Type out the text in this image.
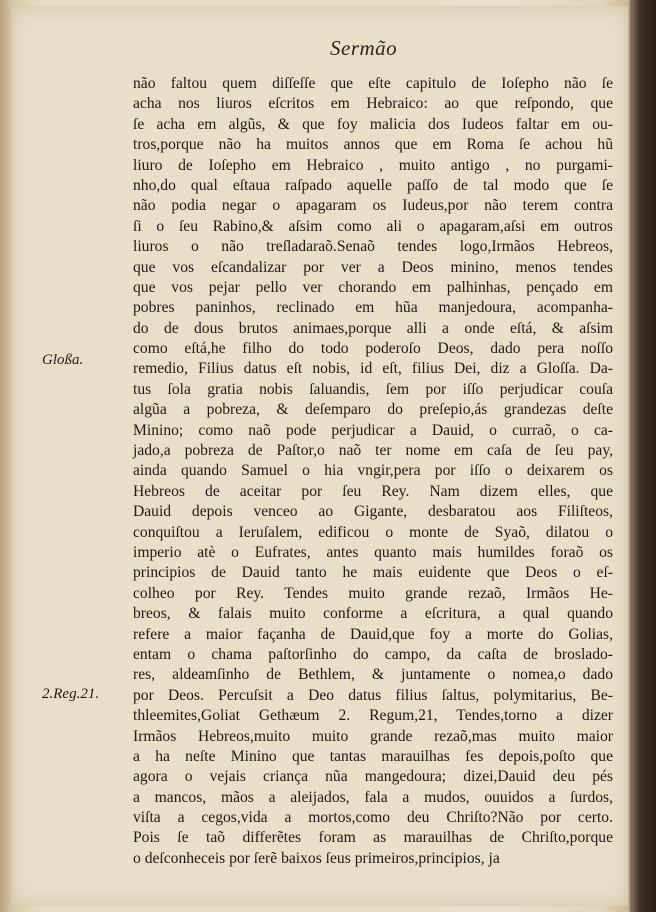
Sermão
Gloßa.
2.Reg.21.
não faltou quem diſſeſſe que eſte capitulo de Ioſepho não ſe
acha nos liuros eſcritos em Hebraico: ao que reſpondo, que
ſe acha em algũs, & que foy malicia dos Iudeos faltar em ou-
tros,porque não ha muitos annos que em Roma ſe achou hũ
liuro de Ioſepho em Hebraico , muito antigo , no purgami-
nho,do qual eſtaua raſpado aquelle paſſo de tal modo que ſe
não podia negar o apagaram os Iudeus,por não terem contra
ſi o ſeu Rabino,& aſsim como ali o apagaram,aſsi em outros
liuros o não treſladaraõ.Senaõ tendes logo,Irmãos Hebreos,
que vos eſcandalizar por ver a Deos minino, menos tendes
que vos pejar pello ver chorando em palhinhas, pençado em
pobres paninhos, reclinado em hũa manjedoura, acompanha-
do de dous brutos animaes,porque alli a onde eſtá, & aſsim
como eſtá,he filho do todo poderoſo Deos, dado pera noſſo
remedio, Filius datus eſt nobis, id eſt, filius Dei, diz a Gloſſa. Da-
tus ſola gratia nobis ſaluandis, ſem por iſſo perjudicar couſa
algũa a pobreza, & deſemparo do preſepio,ás grandezas deſte
Minino; como naõ pode perjudicar a Dauid, o curraõ, o ca-
jado,a pobreza de Paſtor,o naõ ter nome em caſa de ſeu pay,
ainda quando Samuel o hia vngir,pera por iſſo o deixarem os
Hebreos de aceitar por ſeu Rey. Nam dizem elles, que
Dauid depois venceo ao Gigante, desbaratou aos Filiſteos,
conquiſtou a Ieruſalem, edificou o monte de Syaõ, dilatou o
imperio atè o Eufrates, antes quanto mais humildes foraõ os
principios de Dauid tanto he mais euidente que Deos o eſ-
colheo por Rey. Tendes muito grande rezaõ, Irmãos He-
breos, & falais muito conforme a eſcritura, a qual quando
refere a maior façanha de Dauid,que foy a morte do Golias,
entam o chama paſtorſinho do campo, da caſta de broslado-
res, aldeamſinho de Bethlem, & juntamente o nomea,o dado
por Deos. Percuſsit a Deo datus filius ſaltus, polymitarius, Be-
thleemites,Goliat Gethæum 2. Regum,21, Tendes,torno a dizer
Irmãos Hebreos,muito muito grande rezaõ,mas muito maior
a ha neſte Minino que tantas marauilhas fes depois,poſto que
agora o vejais criança nũa mangedoura; dizei,Dauid deu pés
a mancos, mãos a aleijados, fala a mudos, ouuidos a ſurdos,
viſta a cegos,vida a mortos,como deu Chriſto?Não por certo.
Pois ſe taõ differẽtes foram as marauilhas de Chriſto,porque
o deſconheceis por ſerẽ baixos ſeus primeiros,principios, ja
